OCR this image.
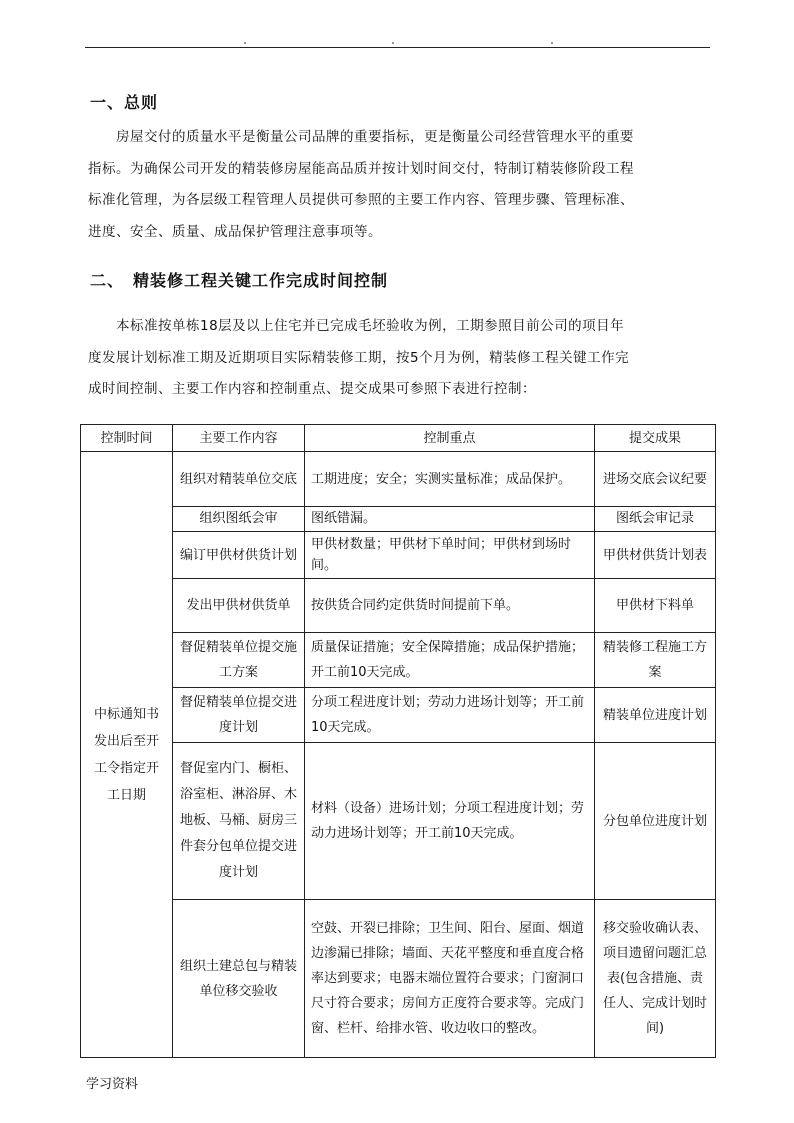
一、总则
房屋交付的质量水平是衡量公司品牌的重要指标，更是衡量公司经营管理水平的重要
指标。为确保公司开发的精装修房屋能高品质并按计划时间交付，特制订精装修阶段工程
标准化管理，为各层级工程管理人员提供可参照的主要工作内容、管理步骤、管理标准、
进度、安全、质量、成品保护管理注意事项等。
二、　精装修工程关键工作完成时间控制
本标准按单栋18层及以上住宅并已完成毛坯验收为例，工期参照目前公司的项目年
度发展计划标准工期及近期项目实际精装修工期，按5个月为例，精装修工程关键工作完
成时间控制、主要工作内容和控制重点、提交成果可参照下表进行控制：
控制时间	主要工作内容	控制重点	提交成果
中标通知书发出后至开工令指定开工日期	组织对精装单位交底	工期进度；安全；实测实量标准；成品保护。	进场交底会议纪要
	组织图纸会审	图纸错漏。	图纸会审记录
	编订甲供材供货计划	甲供材数量；甲供材下单时间；甲供材到场时间。	甲供材供货计划表
	发出甲供材供货单	按供货合同约定供货时间提前下单。	甲供材下料单
	督促精装单位提交施工方案	质量保证措施；安全保障措施；成品保护措施；开工前10天完成。	精装修工程施工方案
	督促精装单位提交进度计划	分项工程进度计划；劳动力进场计划等；开工前10天完成。	精装单位进度计划
	督促室内门、橱柜、浴室柜、淋浴屏、木地板、马桶、厨房三件套分包单位提交进度计划	材料（设备）进场计划；分项工程进度计划；劳动力进场计划等；开工前10天完成。	分包单位进度计划
	组织土建总包与精装单位移交验收	空鼓、开裂已排除；卫生间、阳台、屋面、烟道边渗漏已排除；墙面、天花平整度和垂直度合格率达到要求；电器末端位置符合要求；门窗洞口尺寸符合要求；房间方正度符合要求等。完成门窗、栏杆、给排水管、收边收口的整改。	移交验收确认表、项目遗留问题汇总表(包含措施、责任人、完成计划时间)
学习资料
